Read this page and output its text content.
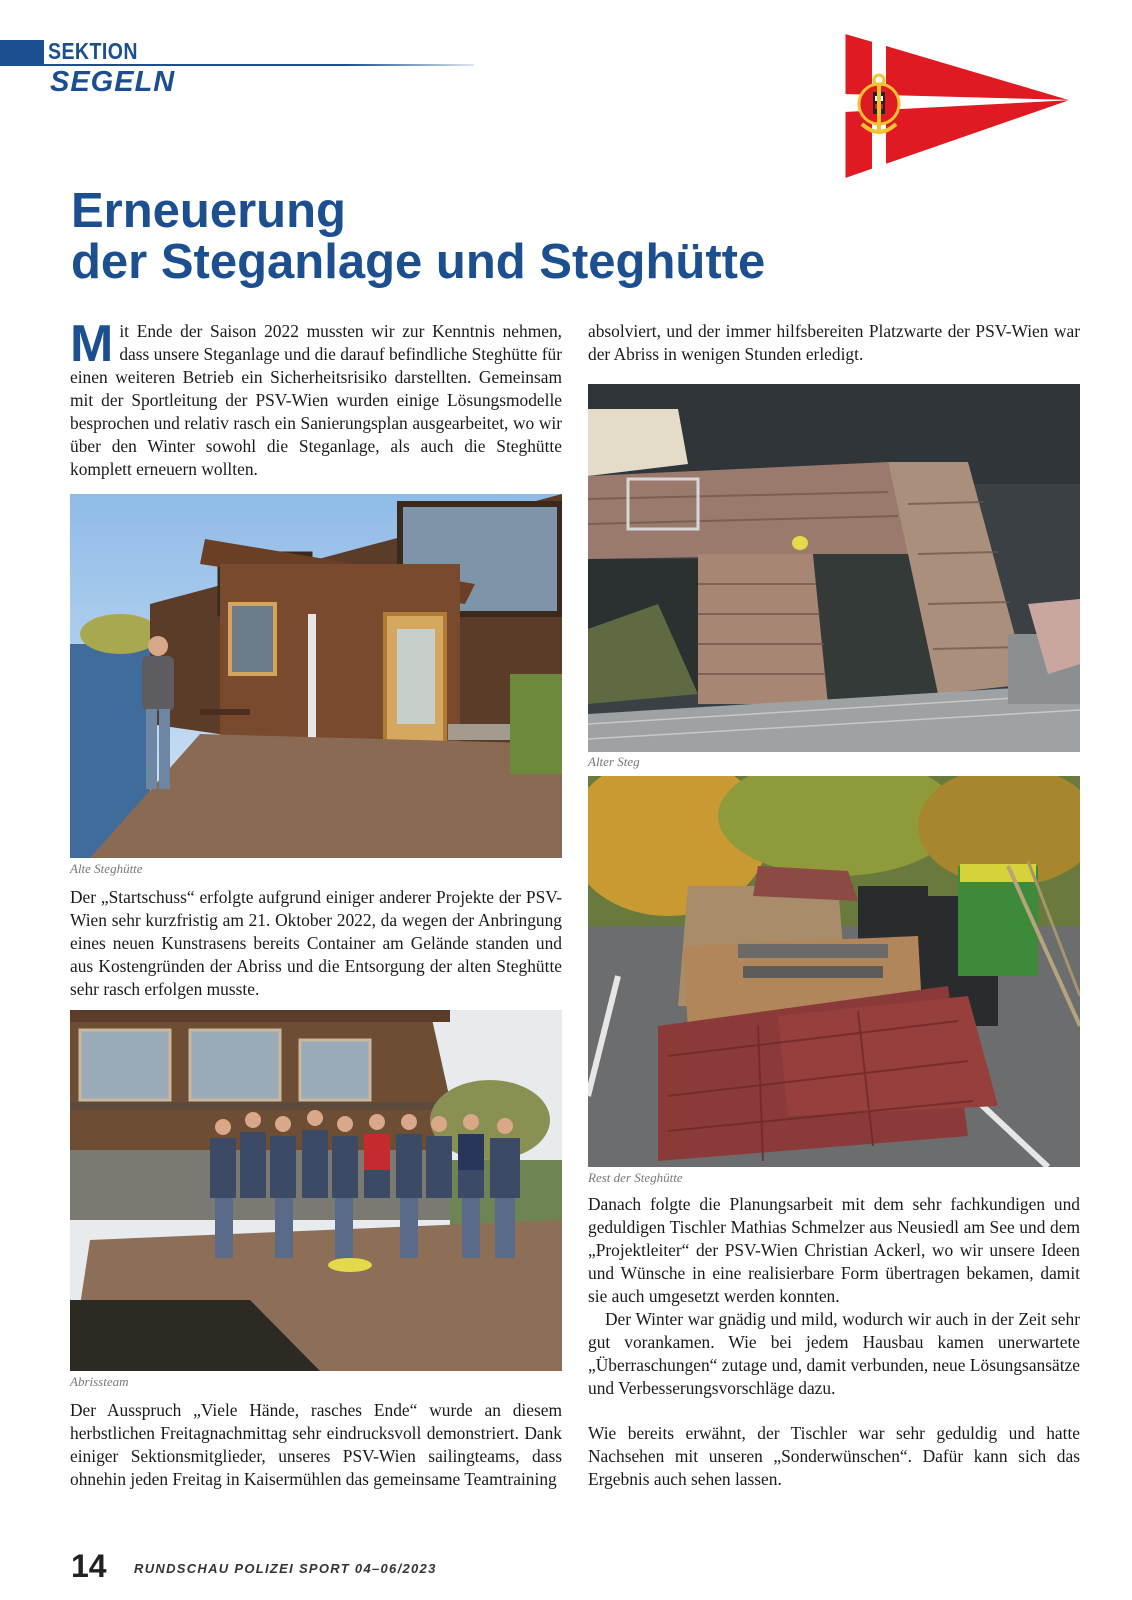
SEKTION
SEGELN
Erneuerung
der Steganlage und Steghütte
Mit Ende der Saison 2022 mussten wir zur Kenntnis nehmen, dass unsere Steganlage und die darauf befindliche Steghütte für einen weiteren Betrieb ein Sicherheitsrisiko darstellten. Gemeinsam mit der Sportleitung der PSV-Wien wurden einige Lösungsmodelle besprochen und relativ rasch ein Sanierungsplan ausgearbeitet, wo wir über den Winter sowohl die Steganlage, als auch die Steghütte komplett erneuern wollten.
Alte Steghütte
Der „Startschuss“ erfolgte aufgrund einiger anderer Projekte der PSV-Wien sehr kurzfristig am 21. Oktober 2022, da wegen der Anbringung eines neuen Kunstrasens bereits Container am Gelände standen und aus Kostengründen der Abriss und die Entsorgung der alten Steghütte sehr rasch erfolgen musste.
Abrissteam
Der Ausspruch „Viele Hände, rasches Ende“ wurde an diesem herbstlichen Freitagnachmittag sehr eindrucksvoll demonstriert. Dank einiger Sektionsmitglieder, unseres PSV-Wien sailingteams, dass ohnehin jeden Freitag in Kaisermühlen das gemeinsame Teamtraining
absolviert, und der immer hilfsbereiten Platzwarte der PSV-Wien war der Abriss in wenigen Stunden erledigt.
Alter Steg
Rest der Steghütte

Danach folgte die Planungsarbeit mit dem sehr fachkundigen und geduldigen Tischler Mathias Schmelzer aus Neusiedl am See und dem „Projektleiter“ der PSV-Wien Christian Ackerl, wo wir unsere Ideen und Wünsche in eine realisierbare Form übertragen bekamen, damit sie auch umgesetzt werden konnten.

Der Winter war gnädig und mild, wodurch wir auch in der Zeit sehr gut vorankamen. Wie bei jedem Hausbau kamen unerwartete „Überraschungen“ zutage und, damit verbunden, neue Lösungsansätze und Verbesserungsvorschläge dazu.

Wie bereits erwähnt, der Tischler war sehr geduldig und hatte Nachsehen mit unseren „Sonderwünschen“. Dafür kann sich das Ergebnis auch sehen lassen.
14 RUNDSCHAU POLIZEI SPORT 04–06/2023
